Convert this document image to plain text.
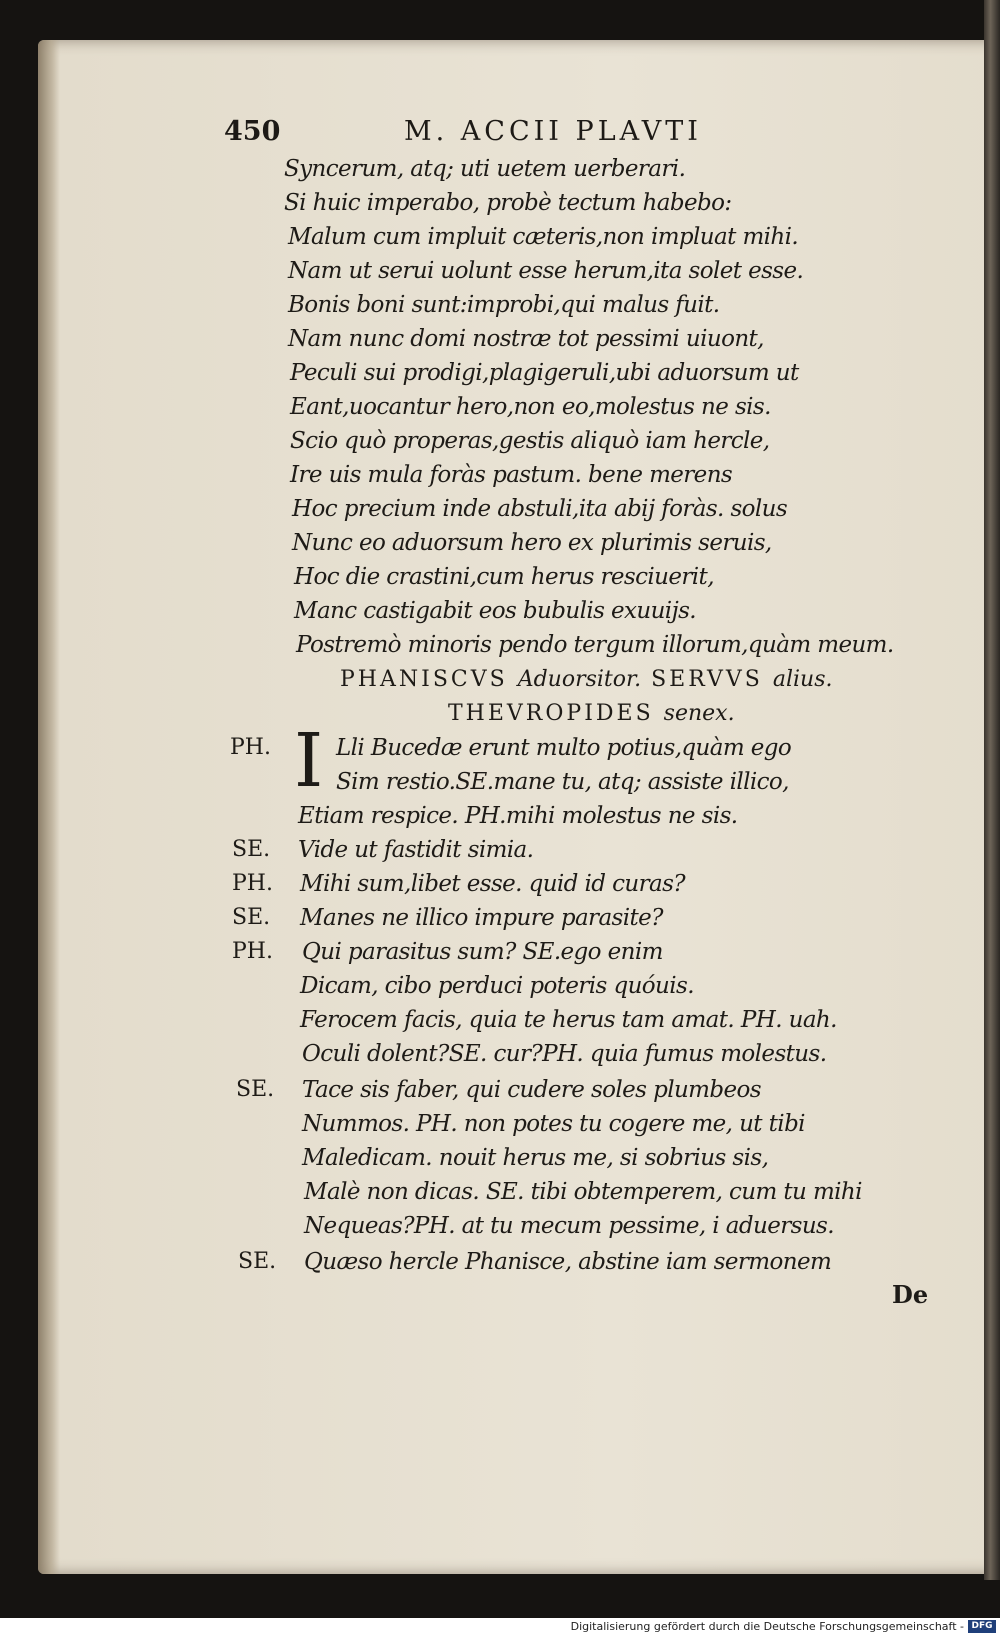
450	M. ACCII PLAVTI
Syncerum, atq; uti uetem uerberari.
Si huic imperabo, probè tectum habebo:
Malum cum impluit cæteris,non impluat mihi.
Nam ut serui uolunt esse herum,ita solet esse.
Bonis boni sunt:improbi,qui malus fuit.
Nam nunc domi nostræ tot pessimi uiuont,
Peculi sui prodigi,plagigeruli,ubi aduorsum ut
Eant,uocantur hero,non eo,molestus ne sis.
Scio quò properas,gestis aliquò iam hercle,
Ire uis mula foràs pastum. bene merens
Hoc precium inde abstuli,ita abij foràs. solus
Nunc eo aduorsum hero ex plurimis seruis,
Hoc die crastini,cum herus resciuerit,
Manc castigabit eos bubulis exuuijs.
Postremò minoris pendo tergum illorum,quàm meum.
PHANISCVS Aduorsitor. SERVVS alius.
THEVROPIDES senex.
I
PH.	Lli Bucedæ erunt multo potius,quàm ego
Sim restio.SE.mane tu, atq; assiste illico,
Etiam respice. PH.mihi molestus ne sis.
SE. Vide ut fastidit simia.
PH. Mihi sum,libet esse. quid id curas?
SE. Manes ne illico impure parasite?
PH. Qui parasitus sum? SE.ego enim
Dicam, cibo perduci poteris quóuis.
Ferocem facis, quia te herus tam amat. PH. uah.
Oculi dolent?SE. cur?PH. quia fumus molestus.
SE. Tace sis faber, qui cudere soles plumbeos
Nummos. PH. non potes tu cogere me, ut tibi
Maledicam. nouit herus me, si sobrius sis,
Malè non dicas. SE. tibi obtemperem, cum tu mihi
Nequeas?PH. at tu mecum pessime, i aduersus.
SE. Quæso hercle Phanisce, abstine iam sermonem
De
Digitalisierung gefördert durch die Deutsche Forschungsgemeinschaft - DFG
